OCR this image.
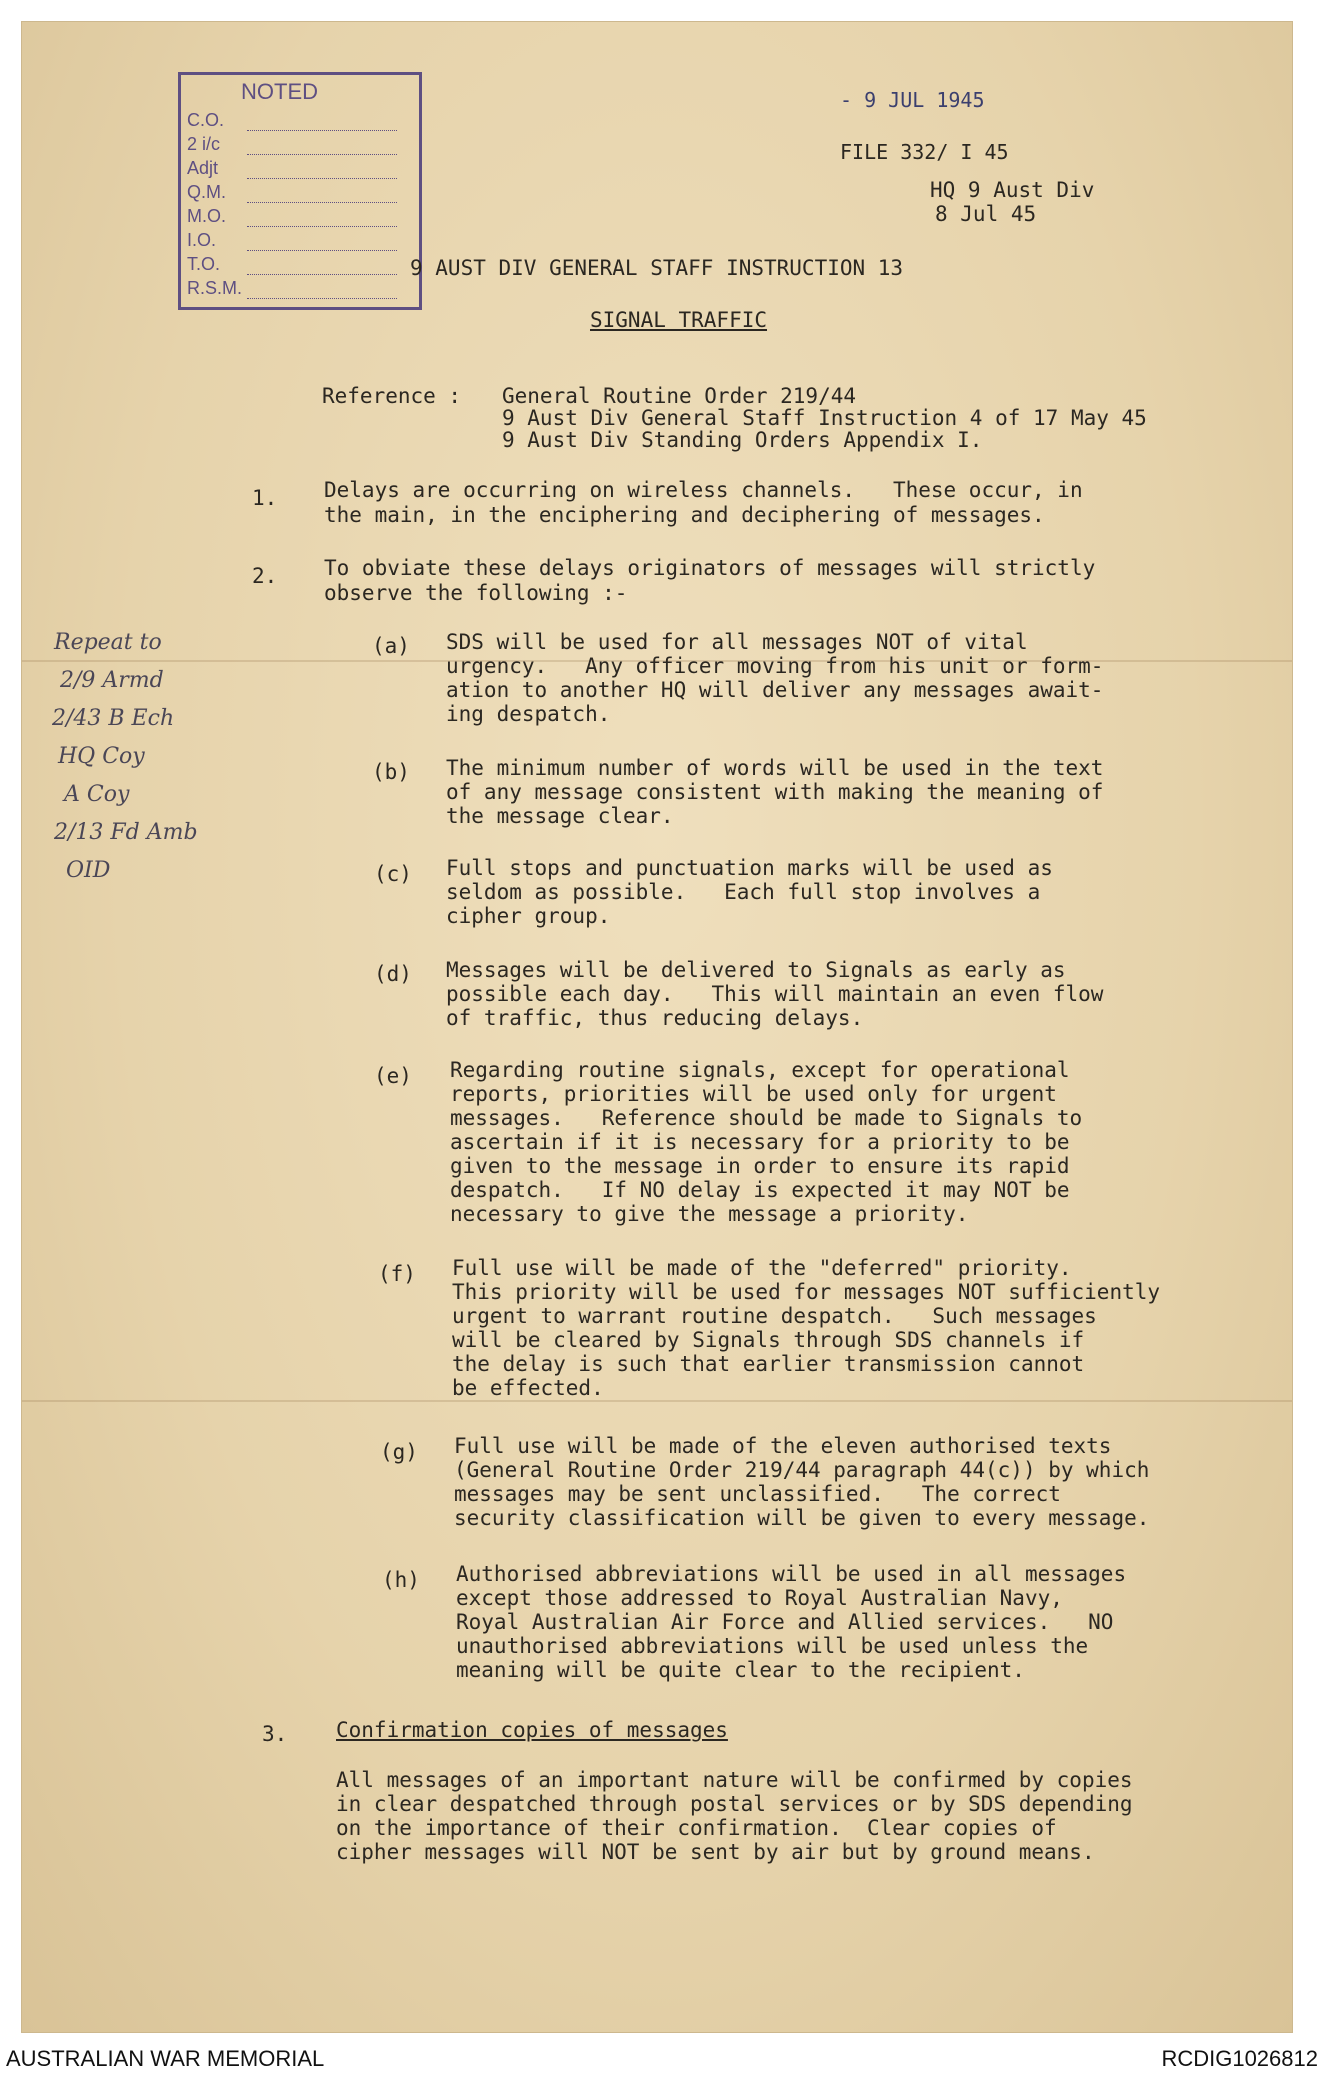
NOTED
C.O.
2 i/c
Adjt
Q.M.
M.O.
I.O.
T.O.
R.S.M.
- 9 JUL 1945
FILE 332/ I 45
HQ 9 Aust Div
8 Jul 45
9 AUST DIV GENERAL STAFF INSTRUCTION 13
SIGNAL TRAFFIC
Reference : General Routine Order 219/44
9 Aust Div General Staff Instruction 4 of 17 May 45
9 Aust Div Standing Orders Appendix I.
1. Delays are occurring on wireless channels.   These occur, in
the main, in the enciphering and deciphering of messages.
2. To obviate these delays originators of messages will strictly
observe the following :-
(a) SDS will be used for all messages NOT of vital
urgency.   Any officer moving from his unit or form-
ation to another HQ will deliver any messages await-
ing despatch.
(b) The minimum number of words will be used in the text
of any message consistent with making the meaning of
the message clear.
(c) Full stops and punctuation marks will be used as
seldom as possible.   Each full stop involves a
cipher group.
(d) Messages will be delivered to Signals as early as
possible each day.   This will maintain an even flow
of traffic, thus reducing delays.
(e) Regarding routine signals, except for operational
reports, priorities will be used only for urgent
messages.   Reference should be made to Signals to
ascertain if it is necessary for a priority to be
given to the message in order to ensure its rapid
despatch.   If NO delay is expected it may NOT be
necessary to give the message a priority.
(f) Full use will be made of the "deferred" priority.
This priority will be used for messages NOT sufficiently
urgent to warrant routine despatch.   Such messages
will be cleared by Signals through SDS channels if
the delay is such that earlier transmission cannot
be effected.
(g) Full use will be made of the eleven authorised texts
(General Routine Order 219/44 paragraph 44(c)) by which
messages may be sent unclassified.   The correct
security classification will be given to every message.
(h) Authorised abbreviations will be used in all messages
except those addressed to Royal Australian Navy,
Royal Australian Air Force and Allied services.   NO
unauthorised abbreviations will be used unless the
meaning will be quite clear to the recipient.
3. Confirmation copies of messages
All messages of an important nature will be confirmed by copies
in clear despatched through postal services or by SDS depending
on the importance of their confirmation.  Clear copies of
cipher messages will NOT be sent by air but by ground means.
Repeat to
2/9 Armd
2/43 B Ech
HQ Coy
A Coy
2/13 Fd Amb
OID
AUSTRALIAN WAR MEMORIAL	RCDIG1026812
